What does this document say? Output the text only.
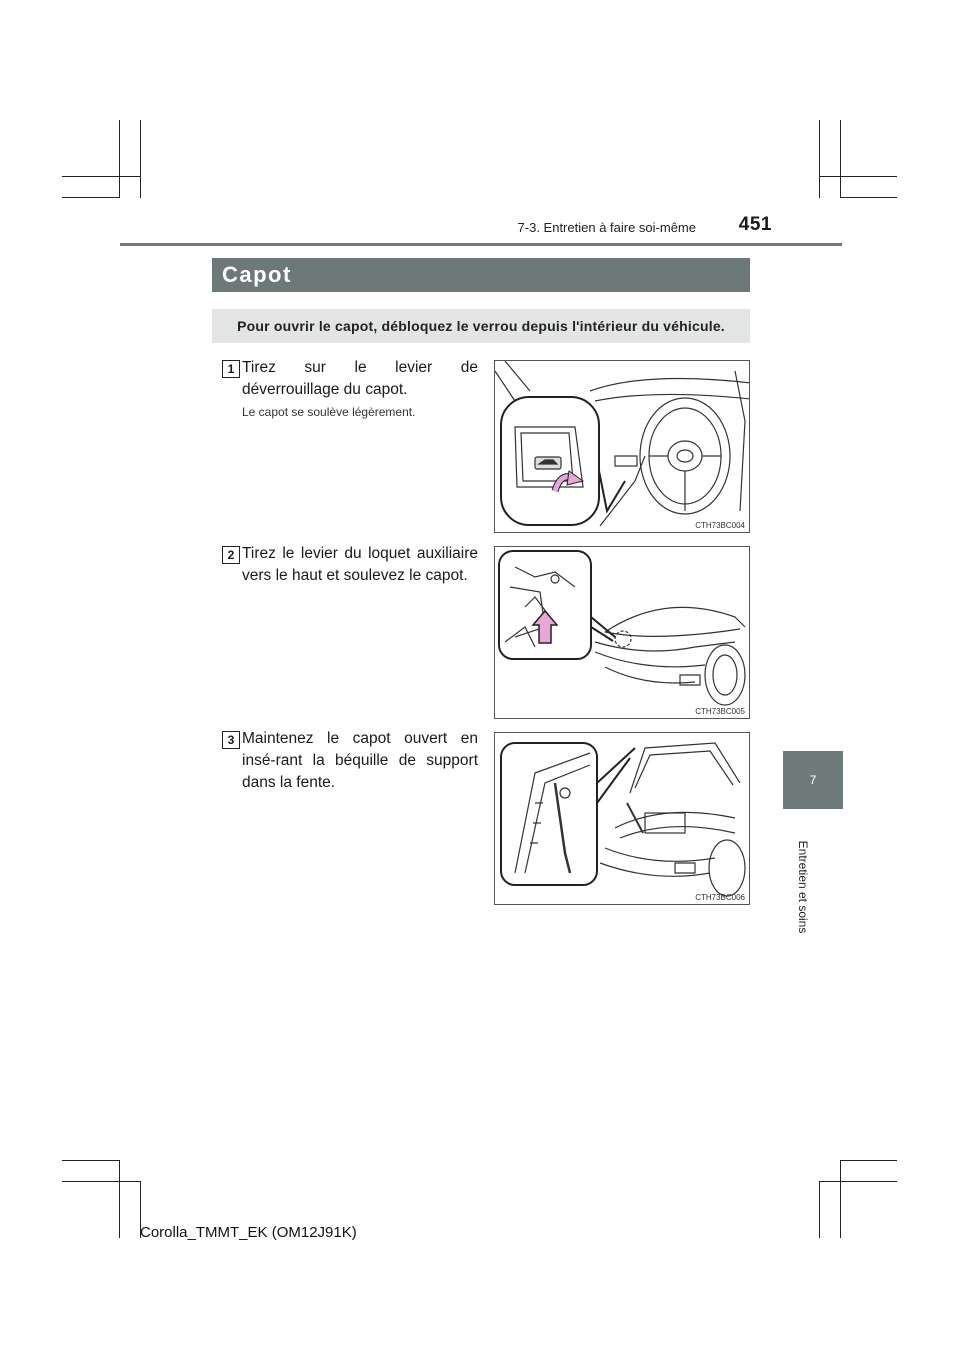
7-3. Entretien à faire soi-même	451
Capot
Pour ouvrir le capot, débloquez le verrou depuis l'intérieur du véhicule.
1 Tirez sur le levier de déverrouillage du capot.
Le capot se soulève légèrement.
CTH73BC004
2 Tirez le levier du loquet auxiliaire vers le haut et soulevez le capot.
CTH73BC005
3 Maintenez le capot ouvert en insé-rant la béquille de support dans la fente.
CTH73BC006
7
Entretien et soins
Corolla_TMMT_EK (OM12J91K)
